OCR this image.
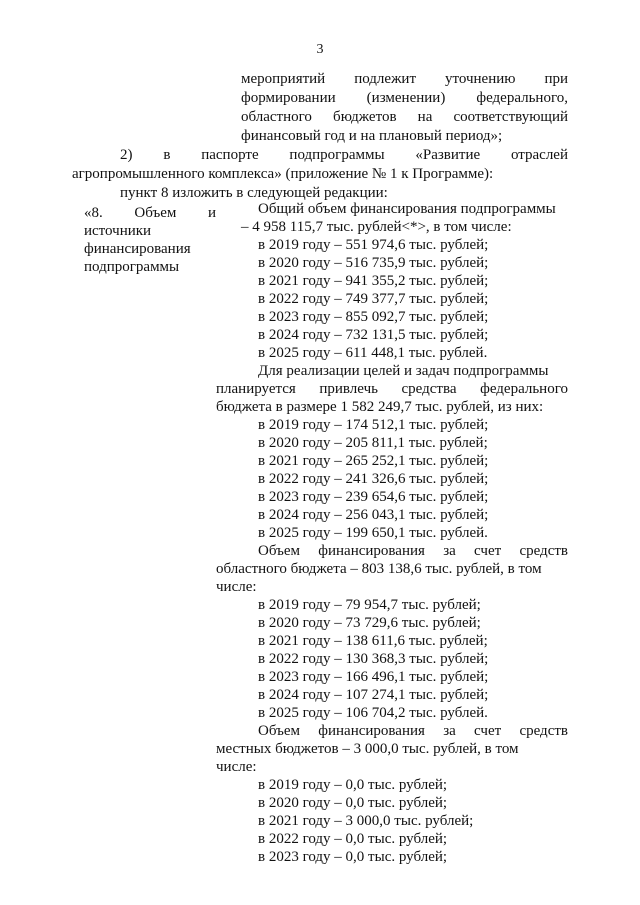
3
мероприятий подлежит уточнению при
формировании (изменении) федерального,
областного бюджетов на соответствующий
финансовый год и на плановый период»;
2) в паспорте подпрограммы «Развитие отраслей
агропромышленного комплекса» (приложение № 1 к Программе):
пункт 8 изложить в следующей редакции:
«8. Объем и
источники
финансирования
подпрограммы
Общий объем финансирования подпрограммы
– 4 958 115,7 тыс. рублей<*>, в том числе:
в 2019 году – 551 974,6 тыс. рублей;
в 2020 году – 516 735,9 тыс. рублей;
в 2021 году – 941 355,2 тыс. рублей;
в 2022 году – 749 377,7 тыс. рублей;
в 2023 году – 855 092,7 тыс. рублей;
в 2024 году – 732 131,5 тыс. рублей;
в 2025 году – 611 448,1 тыс. рублей.
Для реализации целей и задач подпрограммы
планируется привлечь средства федерального
бюджета в размере 1 582 249,7 тыс. рублей, из них:
в 2019 году – 174 512,1 тыс. рублей;
в 2020 году – 205 811,1 тыс. рублей;
в 2021 году – 265 252,1 тыс. рублей;
в 2022 году – 241 326,6 тыс. рублей;
в 2023 году – 239 654,6 тыс. рублей;
в 2024 году – 256 043,1 тыс. рублей;
в 2025 году – 199 650,1 тыс. рублей.
Объем финансирования за счет средств
областного бюджета – 803 138,6 тыс. рублей, в том
числе:
в 2019 году – 79 954,7 тыс. рублей;
в 2020 году – 73 729,6 тыс. рублей;
в 2021 году – 138 611,6 тыс. рублей;
в 2022 году – 130 368,3 тыс. рублей;
в 2023 году – 166 496,1 тыс. рублей;
в 2024 году – 107 274,1 тыс. рублей;
в 2025 году – 106 704,2 тыс. рублей.
Объем финансирования за счет средств
местных бюджетов – 3 000,0 тыс. рублей, в том
числе:
в 2019 году – 0,0 тыс. рублей;
в 2020 году – 0,0 тыс. рублей;
в 2021 году – 3 000,0 тыс. рублей;
в 2022 году – 0,0 тыс. рублей;
в 2023 году – 0,0 тыс. рублей;
